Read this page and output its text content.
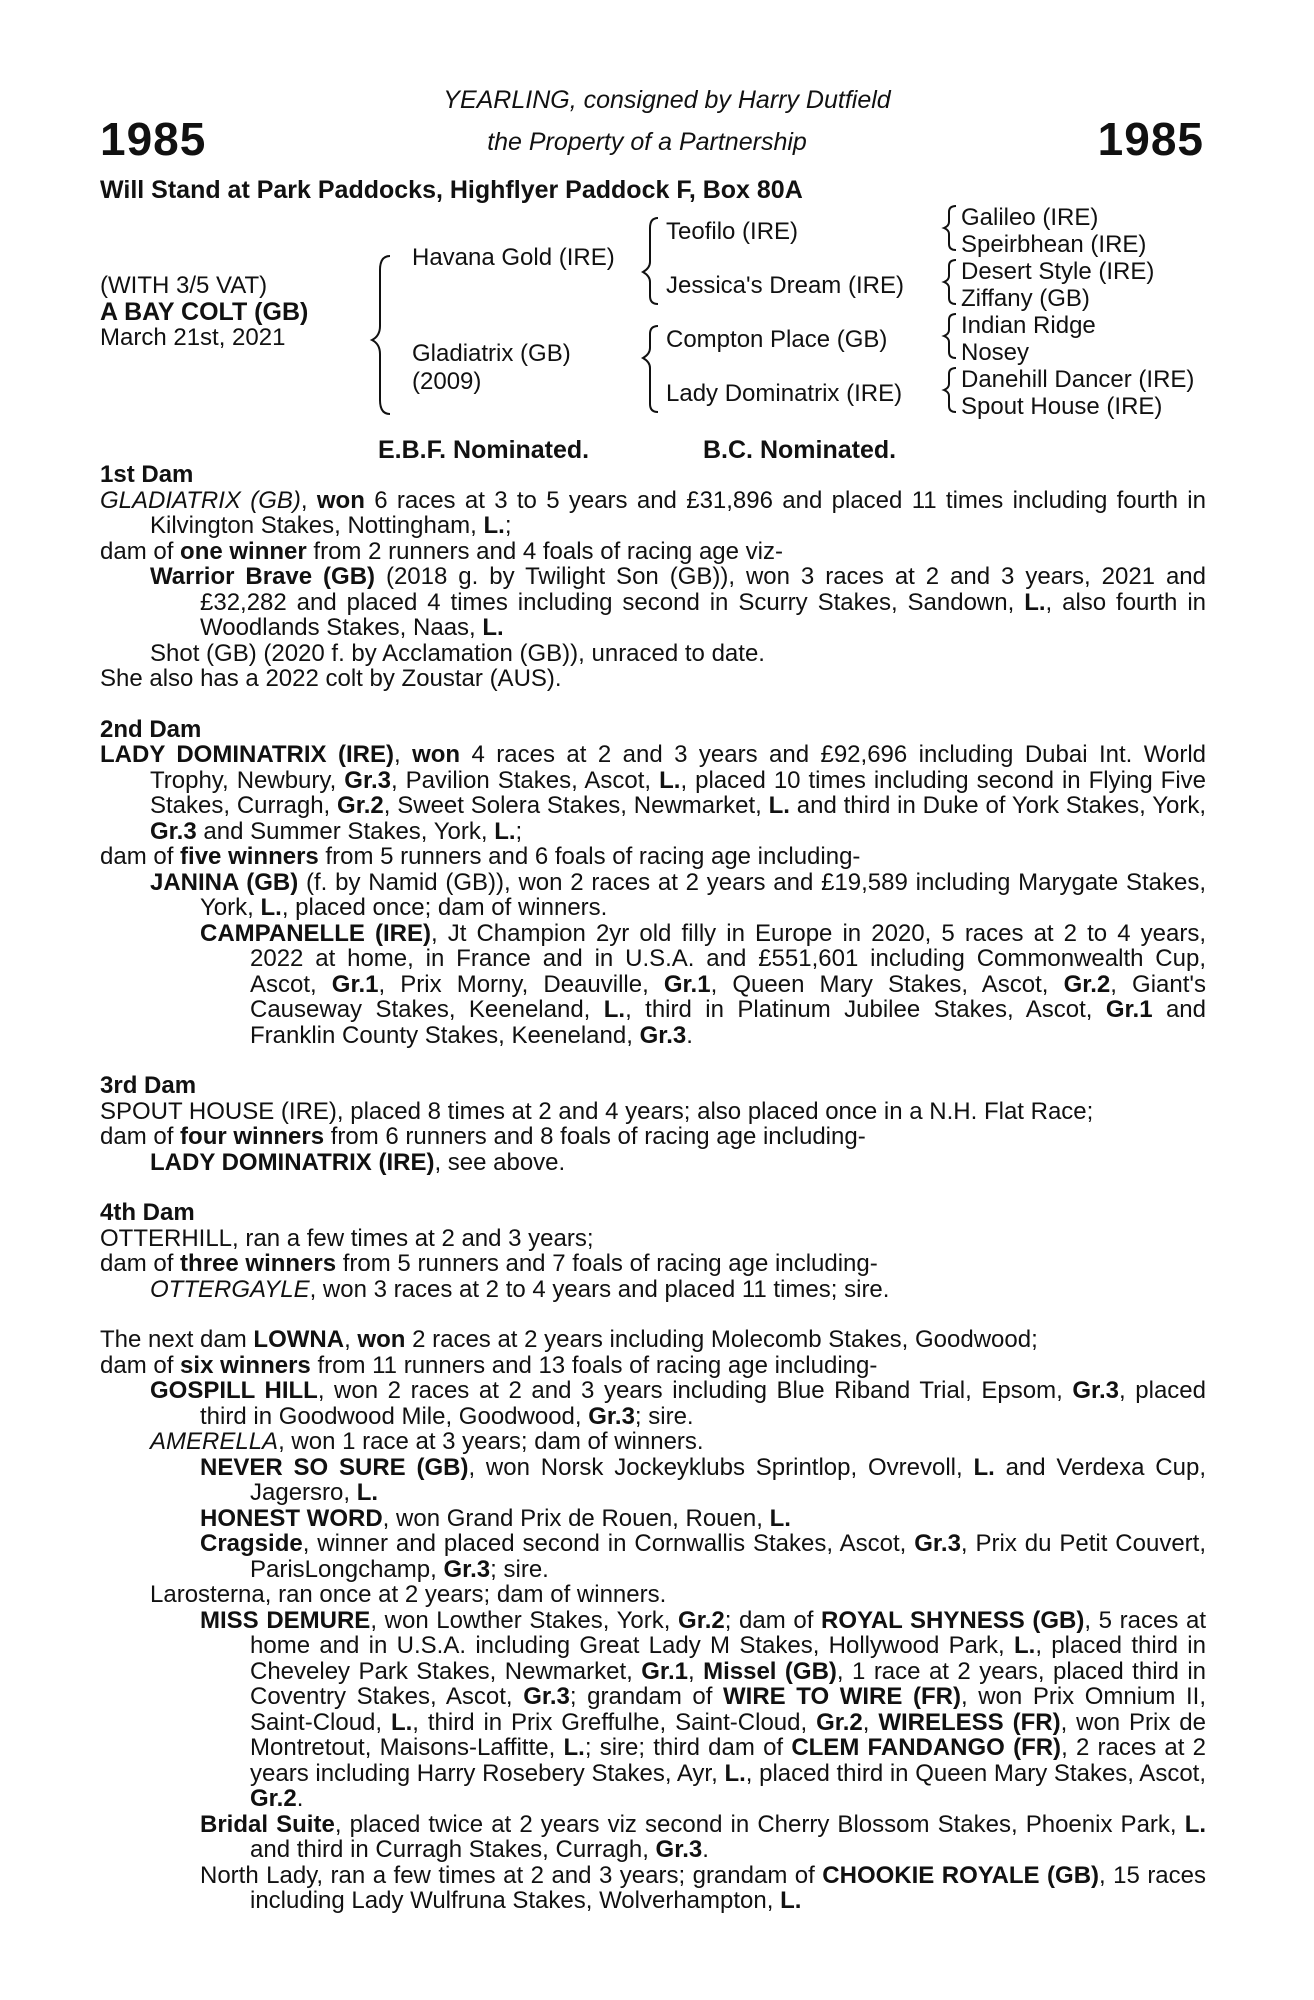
1985	1985
YEARLING, consigned by Harry Dutfield
the Property of a Partnership
Will Stand at Park Paddocks, Highflyer Paddock F, Box 80A
(WITH 3/5 VAT)
A BAY COLT (GB)
March 21st, 2021
Havana Gold (IRE)
Gladiatrix (GB)
(2009)
Teofilo (IRE)
Jessica's Dream (IRE)
Compton Place (GB)
Lady Dominatrix (IRE)
Galileo (IRE)
Speirbhean (IRE)
Desert Style (IRE)
Ziffany (GB)
Indian Ridge
Nosey
Danehill Dancer (IRE)
Spout House (IRE)
E.B.F. Nominated.	B.C. Nominated.

1st Dam

GLADIATRIX (GB), won 6 races at 3 to 5 years and £31,896 and placed 11 times including fourth in Kilvington Stakes, Nottingham, L.;

dam of one winner from 2 runners and 4 foals of racing age viz-

Warrior Brave (GB) (2018 g. by Twilight Son (GB)), won 3 races at 2 and 3 years, 2021 and £32,282 and placed 4 times including second in Scurry Stakes, Sandown, L., also fourth in Woodlands Stakes, Naas, L.

Shot (GB) (2020 f. by Acclamation (GB)), unraced to date.

She also has a 2022 colt by Zoustar (AUS).

2nd Dam

LADY DOMINATRIX (IRE), won 4 races at 2 and 3 years and £92,696 including Dubai Int. World Trophy, Newbury, Gr.3, Pavilion Stakes, Ascot, L., placed 10 times including second in Flying Five Stakes, Curragh, Gr.2, Sweet Solera Stakes, Newmarket, L. and third in Duke of York Stakes, York, Gr.3 and Summer Stakes, York, L.;

dam of five winners from 5 runners and 6 foals of racing age including-

JANINA (GB) (f. by Namid (GB)), won 2 races at 2 years and £19,589 including Marygate Stakes, York, L., placed once; dam of winners.

CAMPANELLE (IRE), Jt Champion 2yr old filly in Europe in 2020, 5 races at 2 to 4 years, 2022 at home, in France and in U.S.A. and £551,601 including Commonwealth Cup, Ascot, Gr.1, Prix Morny, Deauville, Gr.1, Queen Mary Stakes, Ascot, Gr.2, Giant's Causeway Stakes, Keeneland, L., third in Platinum Jubilee Stakes, Ascot, Gr.1 and Franklin County Stakes, Keeneland, Gr.3.

3rd Dam

SPOUT HOUSE (IRE), placed 8 times at 2 and 4 years; also placed once in a N.H. Flat Race;

dam of four winners from 6 runners and 8 foals of racing age including-

LADY DOMINATRIX (IRE), see above.

4th Dam

OTTERHILL, ran a few times at 2 and 3 years;

dam of three winners from 5 runners and 7 foals of racing age including-

OTTERGAYLE, won 3 races at 2 to 4 years and placed 11 times; sire.

The next dam LOWNA, won 2 races at 2 years including Molecomb Stakes, Goodwood;

dam of six winners from 11 runners and 13 foals of racing age including-

GOSPILL HILL, won 2 races at 2 and 3 years including Blue Riband Trial, Epsom, Gr.3, placed third in Goodwood Mile, Goodwood, Gr.3; sire.

AMERELLA, won 1 race at 3 years; dam of winners.

NEVER SO SURE (GB), won Norsk Jockeyklubs Sprintlop, Ovrevoll, L. and Verdexa Cup, Jagersro, L.

HONEST WORD, won Grand Prix de Rouen, Rouen, L.

Cragside, winner and placed second in Cornwallis Stakes, Ascot, Gr.3, Prix du Petit Couvert, ParisLongchamp, Gr.3; sire.

Larosterna, ran once at 2 years; dam of winners.

MISS DEMURE, won Lowther Stakes, York, Gr.2; dam of ROYAL SHYNESS (GB), 5 races at home and in U.S.A. including Great Lady M Stakes, Hollywood Park, L., placed third in Cheveley Park Stakes, Newmarket, Gr.1, Missel (GB), 1 race at 2 years, placed third in Coventry Stakes, Ascot, Gr.3; grandam of WIRE TO WIRE (FR), won Prix Omnium II, Saint-Cloud, L., third in Prix Greffulhe, Saint-Cloud, Gr.2, WIRELESS (FR), won Prix de Montretout, Maisons-Laffitte, L.; sire; third dam of CLEM FANDANGO (FR), 2 races at 2 years including Harry Rosebery Stakes, Ayr, L., placed third in Queen Mary Stakes, Ascot, Gr.2.

Bridal Suite, placed twice at 2 years viz second in Cherry Blossom Stakes, Phoenix Park, L. and third in Curragh Stakes, Curragh, Gr.3.

North Lady, ran a few times at 2 and 3 years; grandam of CHOOKIE ROYALE (GB), 15 races including Lady Wulfruna Stakes, Wolverhampton, L.
